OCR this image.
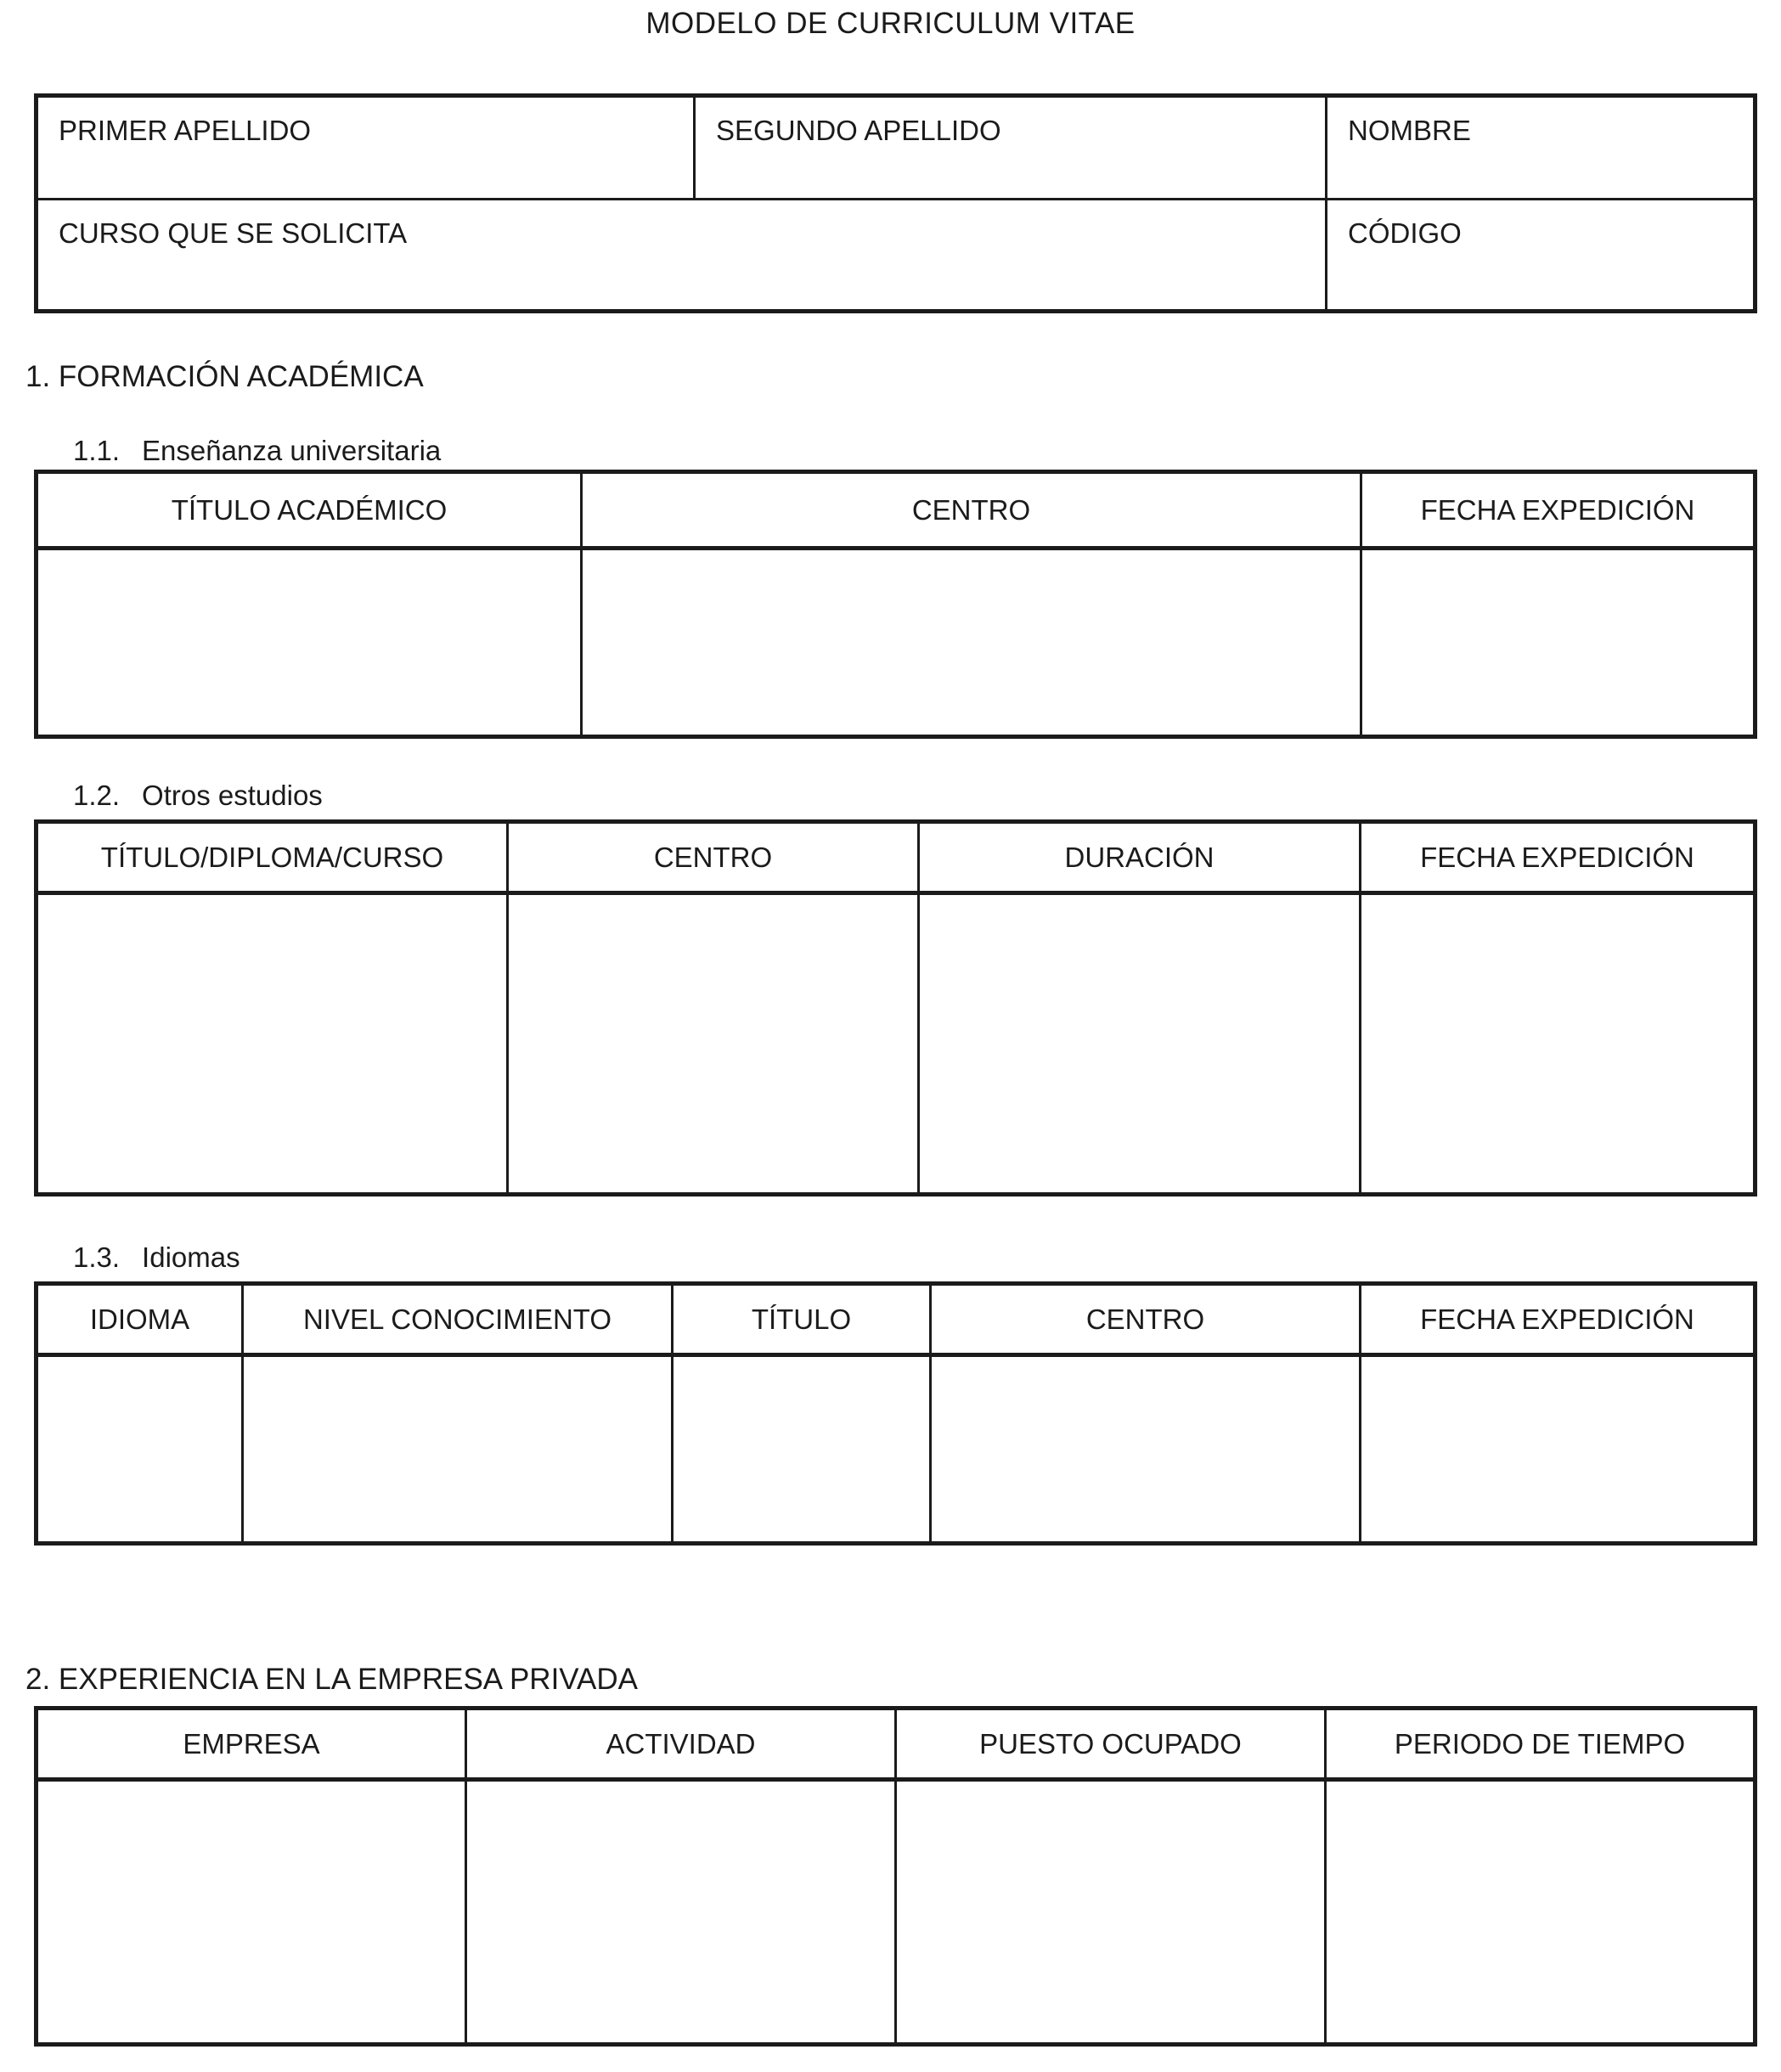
MODELO DE CURRICULUM VITAE
PRIMER APELLIDO	SEGUNDO APELLIDO	NOMBRE
CURSO QUE SE SOLICITA		CÓDIGO
1. FORMACIÓN ACADÉMICA
1.1. Enseñanza universitaria
TÍTULO ACADÉMICO	CENTRO	FECHA EXPEDICIÓN

1.2. Otros estudios
TÍTULO/DIPLOMA/CURSO	CENTRO	DURACIÓN	FECHA EXPEDICIÓN

1.3. Idiomas
IDIOMA	NIVEL CONOCIMIENTO	TÍTULO	CENTRO	FECHA EXPEDICIÓN

2. EXPERIENCIA EN LA EMPRESA PRIVADA
EMPRESA	ACTIVIDAD	PUESTO OCUPADO	PERIODO DE TIEMPO
